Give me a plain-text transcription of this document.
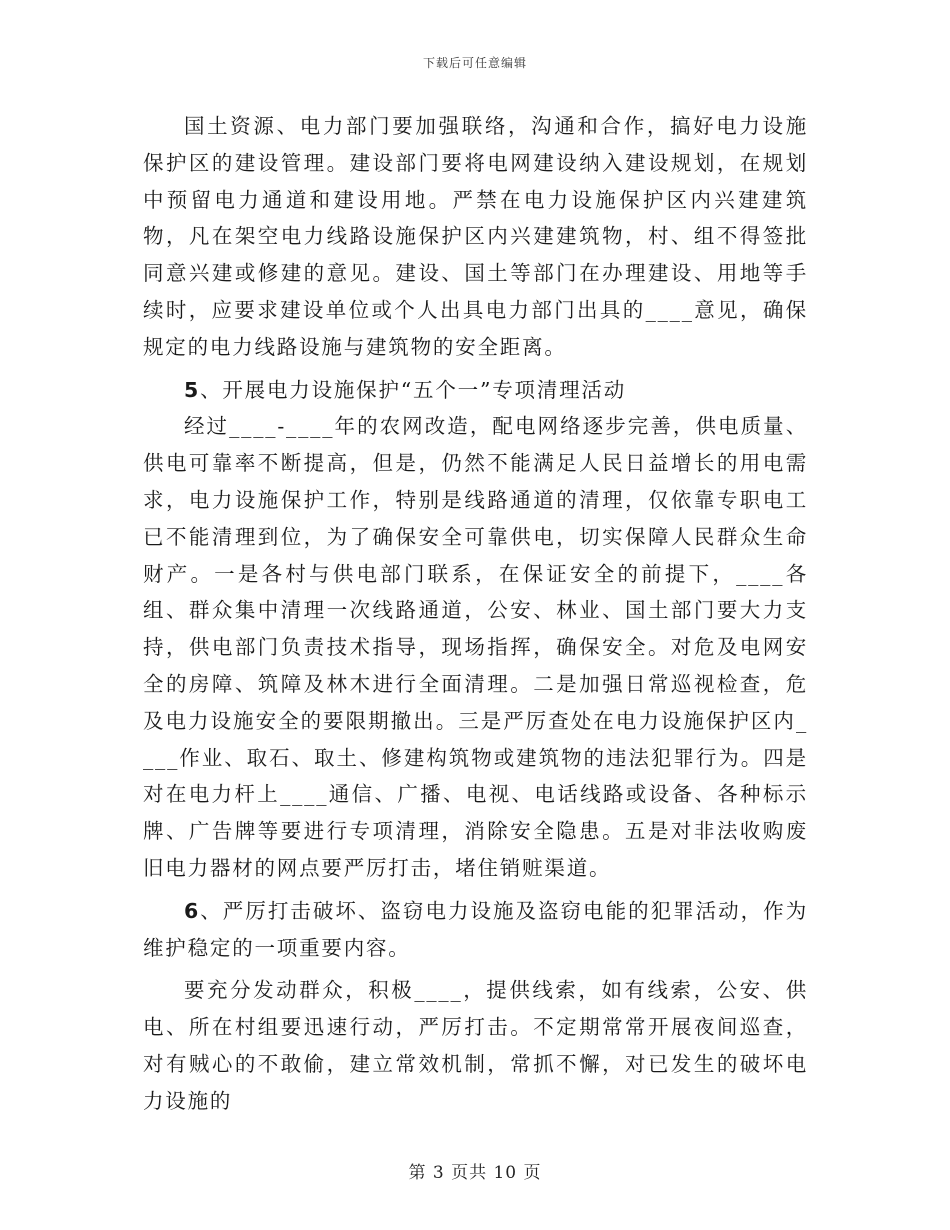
下载后可任意编辑

国土资源、电力部门要加强联络，沟通和合作，搞好电力设施保护区的建设管理。建设部门要将电网建设纳入建设规划，在规划中预留电力通道和建设用地。严禁在电力设施保护区内兴建建筑物，凡在架空电力线路设施保护区内兴建建筑物，村、组不得签批同意兴建或修建的意见。建设、国土等部门在办理建设、用地等手续时，应要求建设单位或个人出具电力部门出具的____意见，确保规定的电力线路设施与建筑物的安全距离。

5、开展电力设施保护“五个一”专项清理活动

经过____-____年的农网改造，配电网络逐步完善，供电质量、供电可靠率不断提高，但是，仍然不能满足人民日益增长的用电需求，电力设施保护工作，特别是线路通道的清理，仅依靠专职电工已不能清理到位，为了确保安全可靠供电，切实保障人民群众生命财产。一是各村与供电部门联系，在保证安全的前提下，____各组、群众集中清理一次线路通道，公安、林业、国土部门要大力支持，供电部门负责技术指导，现场指挥，确保安全。对危及电网安全的房障、筑障及林木进行全面清理。二是加强日常巡视检查，危及电力设施安全的要限期撤出。三是严厉查处在电力设施保护区内____作业、取石、取土、修建构筑物或建筑物的违法犯罪行为。四是对在电力杆上____通信、广播、电视、电话线路或设备、各种标示牌、广告牌等要进行专项清理，消除安全隐患。五是对非法收购废旧电力器材的网点要严厉打击，堵住销赃渠道。

6、严厉打击破坏、盗窃电力设施及盗窃电能的犯罪活动，作为维护稳定的一项重要内容。

要充分发动群众，积极____，提供线索，如有线索，公安、供电、所在村组要迅速行动，严厉打击。不定期常常开展夜间巡查，对有贼心的不敢偷，建立常效机制，常抓不懈，对已发生的破坏电力设施的

第 3 页共 10 页
